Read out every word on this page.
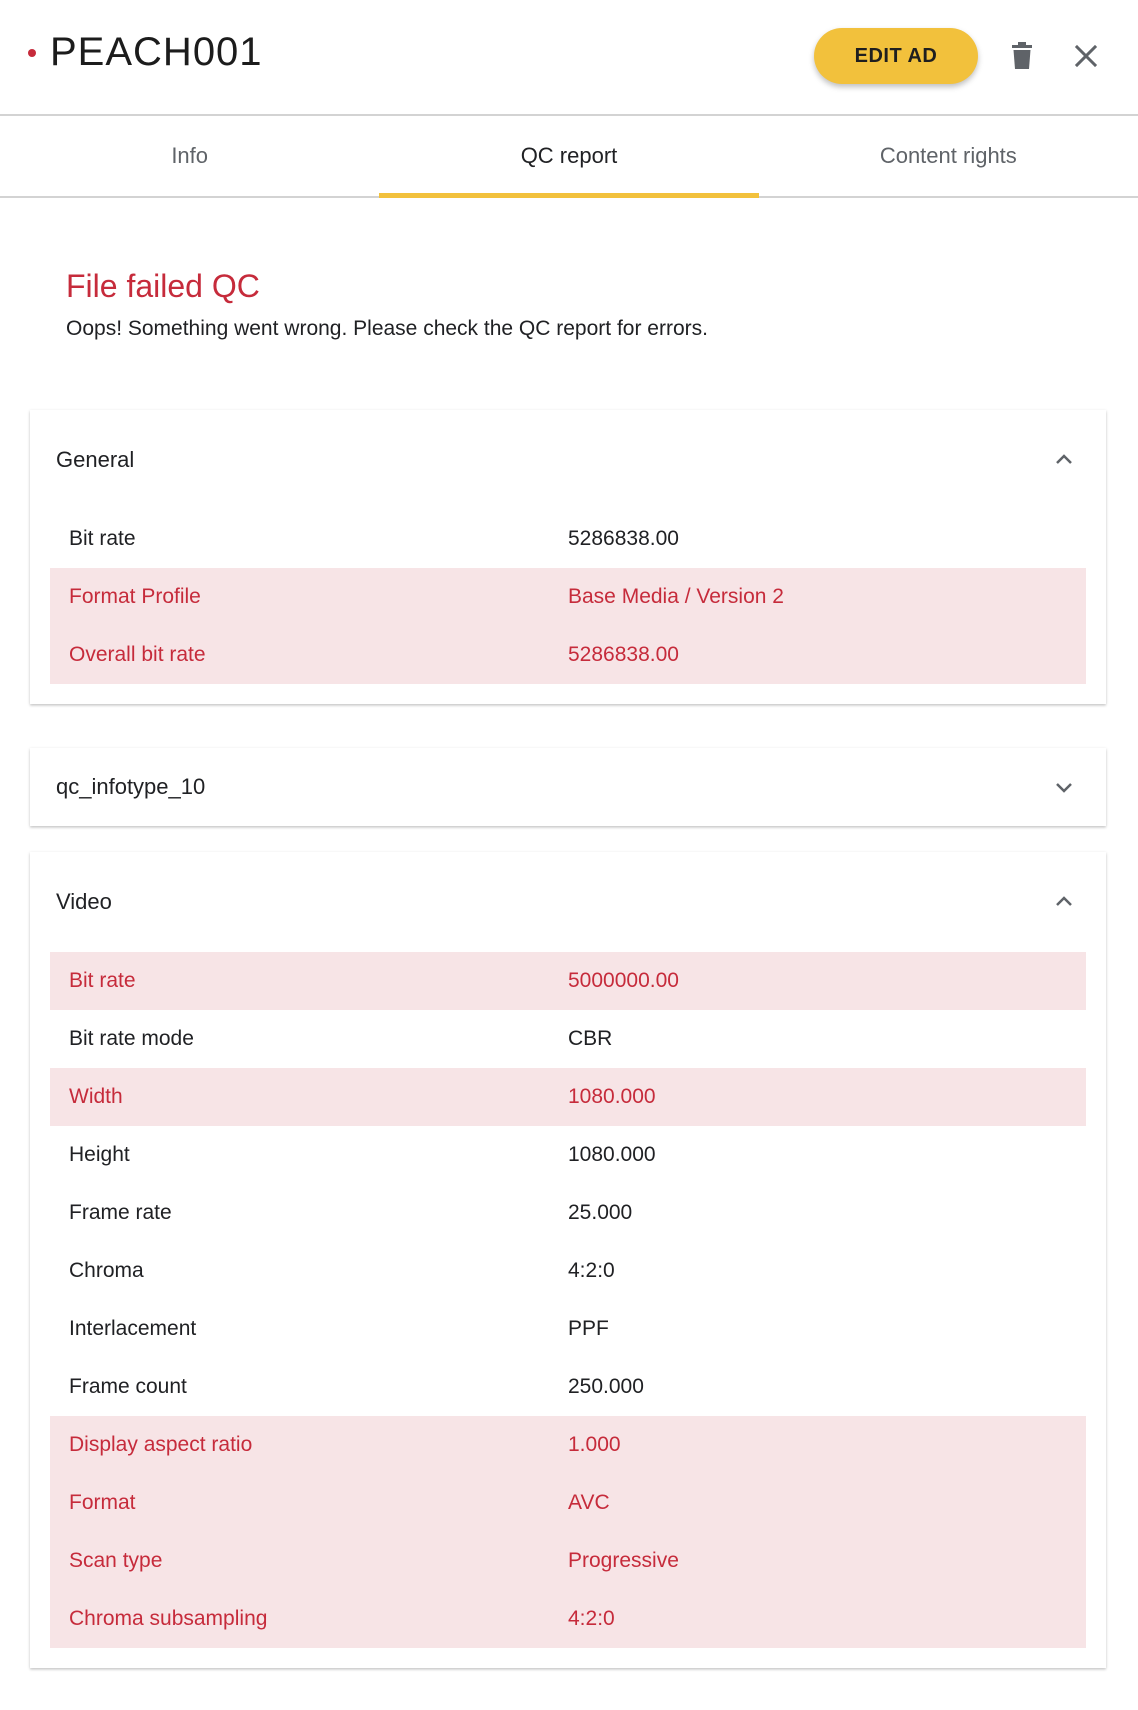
PEACH001	EDIT AD
Info	QC report	Content rights
File failed QC
Oops! Something went wrong. Please check the QC report for errors.
General
Bit rate	5286838.00
Format Profile	Base Media / Version 2
Overall bit rate	5286838.00
qc_infotype_10
Video
Bit rate	5000000.00
Bit rate mode	CBR
Width	1080.000
Height	1080.000
Frame rate	25.000
Chroma	4:2:0
Interlacement	PPF
Frame count	250.000
Display aspect ratio	1.000
Format	AVC
Scan type	Progressive
Chroma subsampling	4:2:0
